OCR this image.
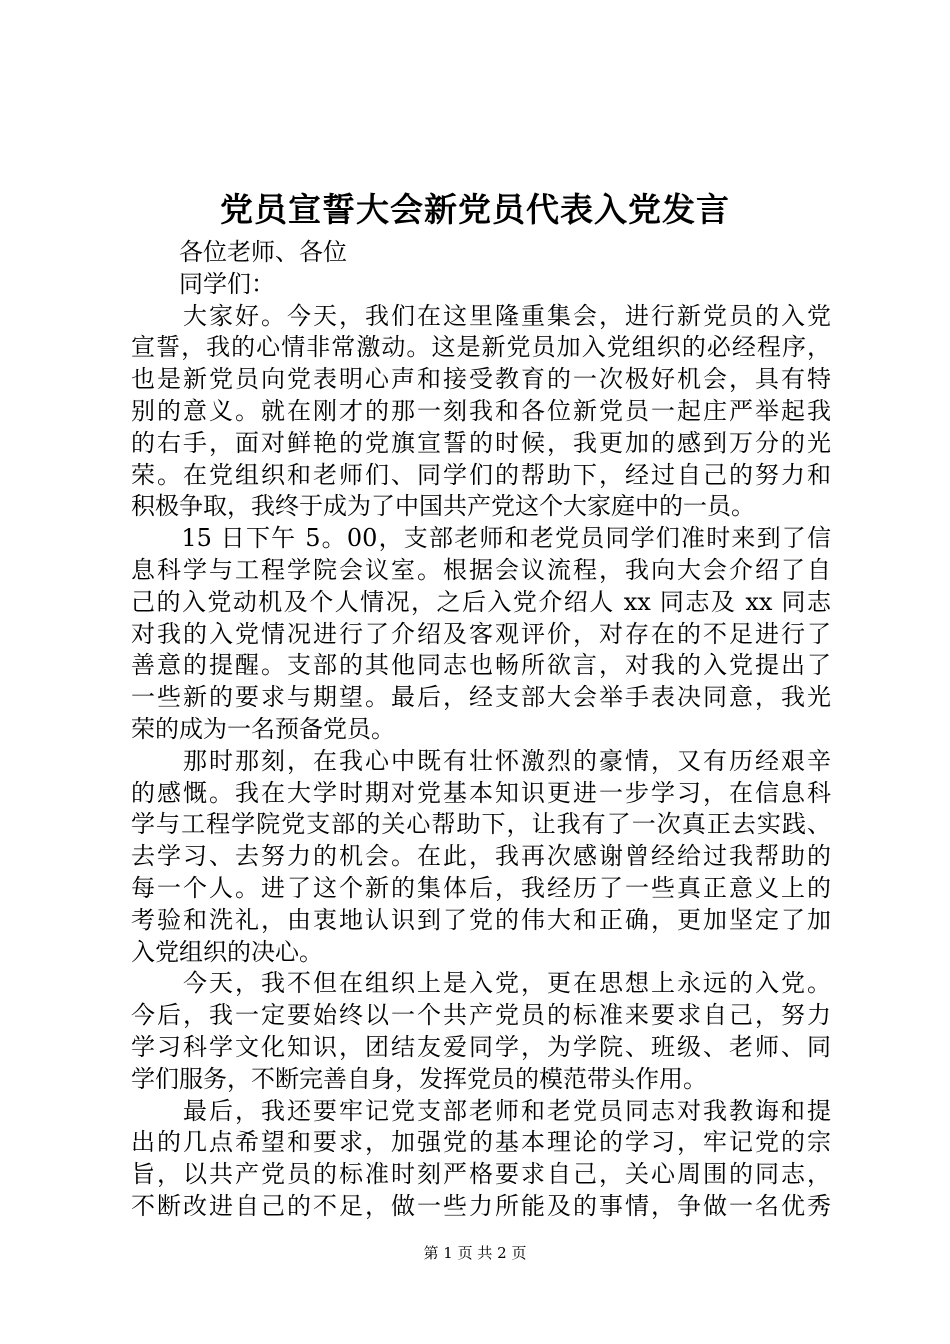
党员宣誓大会新党员代表入党发言
　　各位老师、各位
　　同学们：
　　大家好。今天，我们在这里隆重集会，进行新党员的入党
宣誓，我的心情非常激动。这是新党员加入党组织的必经程序，
也是新党员向党表明心声和接受教育的一次极好机会，具有特
别的意义。就在刚才的那一刻我和各位新党员一起庄严举起我
的右手，面对鲜艳的党旗宣誓的时候，我更加的感到万分的光
荣。在党组织和老师们、同学们的帮助下，经过自己的努力和
积极争取，我终于成为了中国共产党这个大家庭中的一员。
　　15 日下午 5。00，支部老师和老党员同学们准时来到了信
息科学与工程学院会议室。根据会议流程，我向大会介绍了自
己的入党动机及个人情况，之后入党介绍人 xx 同志及 xx 同志
对我的入党情况进行了介绍及客观评价，对存在的不足进行了
善意的提醒。支部的其他同志也畅所欲言，对我的入党提出了
一些新的要求与期望。最后，经支部大会举手表决同意，我光
荣的成为一名预备党员。
　　那时那刻，在我心中既有壮怀激烈的豪情，又有历经艰辛
的感慨。我在大学时期对党基本知识更进一步学习，在信息科
学与工程学院党支部的关心帮助下，让我有了一次真正去实践、
去学习、去努力的机会。在此，我再次感谢曾经给过我帮助的
每一个人。进了这个新的集体后，我经历了一些真正意义上的
考验和洗礼，由衷地认识到了党的伟大和正确，更加坚定了加
入党组织的决心。
　　今天，我不但在组织上是入党，更在思想上永远的入党。
今后，我一定要始终以一个共产党员的标准来要求自己，努力
学习科学文化知识，团结友爱同学，为学院、班级、老师、同
学们服务，不断完善自身，发挥党员的模范带头作用。
　　最后，我还要牢记党支部老师和老党员同志对我教诲和提
出的几点希望和要求，加强党的基本理论的学习，牢记党的宗
旨，以共产党员的标准时刻严格要求自己，关心周围的同志，
不断改进自己的不足，做一些力所能及的事情，争做一名优秀
第 1 页 共 2 页
